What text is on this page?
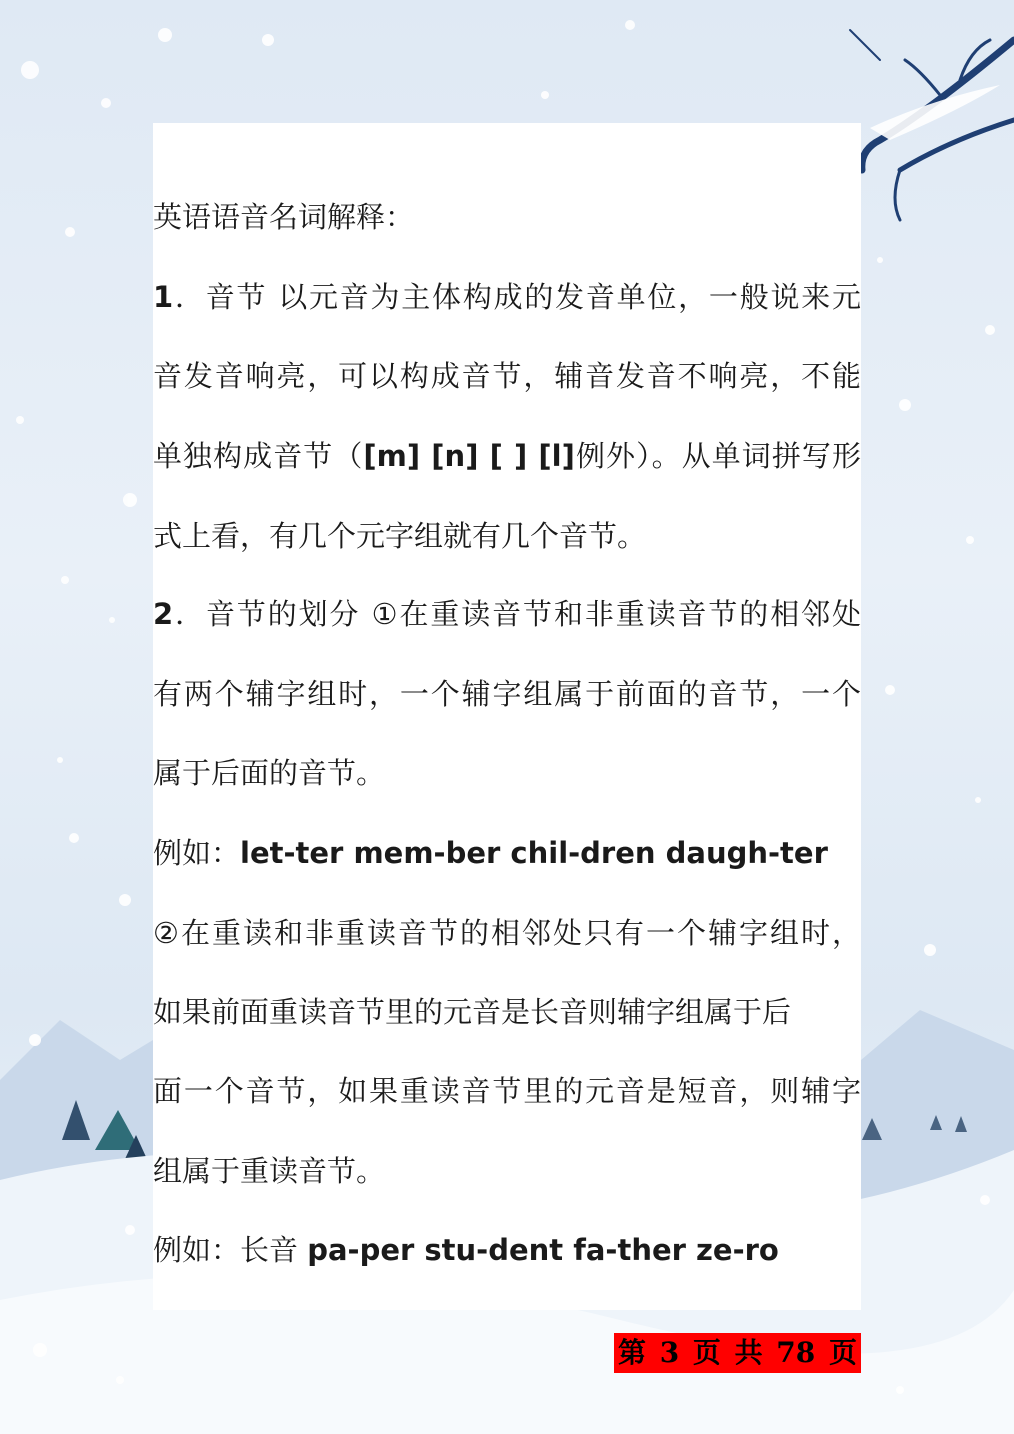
英语语音名词解释：
1．音节 以元音为主体构成的发音单位，一般说来元
音发音响亮，可以构成音节，辅音发音不响亮，不能
单独构成音节（[m] [n] [ ] [l]例外）。从单词拼写形
式上看，有几个元字组就有几个音节。
2．音节的划分 ①在重读音节和非重读音节的相邻处
有两个辅字组时，一个辅字组属于前面的音节，一个
属于后面的音节。
例如：let-ter mem-ber chil-dren daugh-ter
②在重读和非重读音节的相邻处只有一个辅字组时，
如果前面重读音节里的元音是长音则辅字组属于后
面一个音节，如果重读音节里的元音是短音，则辅字
组属于重读音节。
例如：长音 pa-per stu-dent fa-ther ze-ro
第 3 页 共 78 页
